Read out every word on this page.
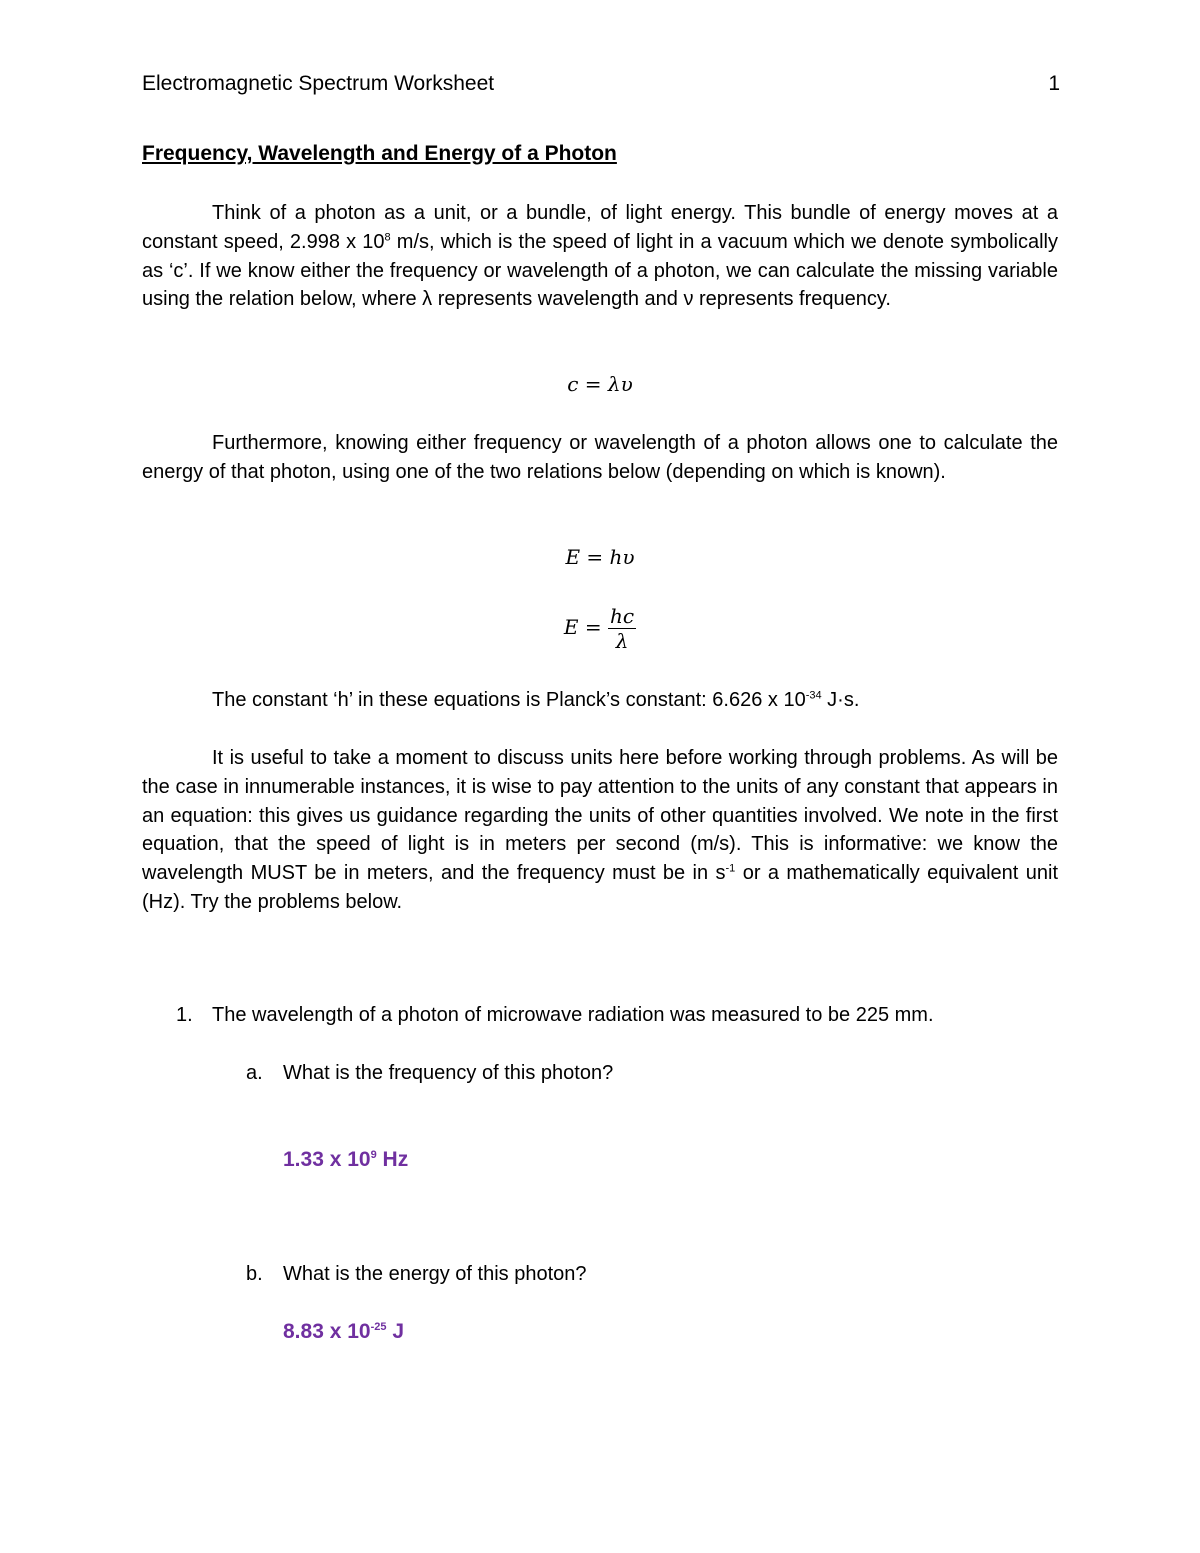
Electromagnetic Spectrum Worksheet	1
Frequency, Wavelength and Energy of a Photon
Think of a photon as a unit, or a bundle, of light energy. This bundle of energy moves at a constant speed, 2.998 x $10^8$ m/s, which is the speed of light in a vacuum which we denote symbolically as ‘c’. If we know either the frequency or wavelength of a photon, we can calculate the missing variable using the relation below, where λ represents wavelength and ν represents frequency.
c = λυ
Furthermore, knowing either frequency or wavelength of a photon allows one to calculate the energy of that photon, using one of the two relations below (depending on which is known).
E = hυ
$E = \frac{hc}{\lambda}$
The constant ‘h’ in these equations is Planck’s constant: 6.626 x $10^{-34}$ J·s.
It is useful to take a moment to discuss units here before working through problems. As will be the case in innumerable instances, it is wise to pay attention to the units of any constant that appears in an equation: this gives us guidance regarding the units of other quantities involved. We note in the first equation, that the speed of light is in meters per second (m/s). This is informative: we know the wavelength MUST be in meters, and the frequency must be in $s^{-1}$ or a mathematically equivalent unit (Hz). Try the problems below.
1. The wavelength of a photon of microwave radiation was measured to be 225 mm.
a. What is the frequency of this photon?
1.33 x $10^9$ Hz
b. What is the energy of this photon?
8.83 x $10^{-25}$ J
